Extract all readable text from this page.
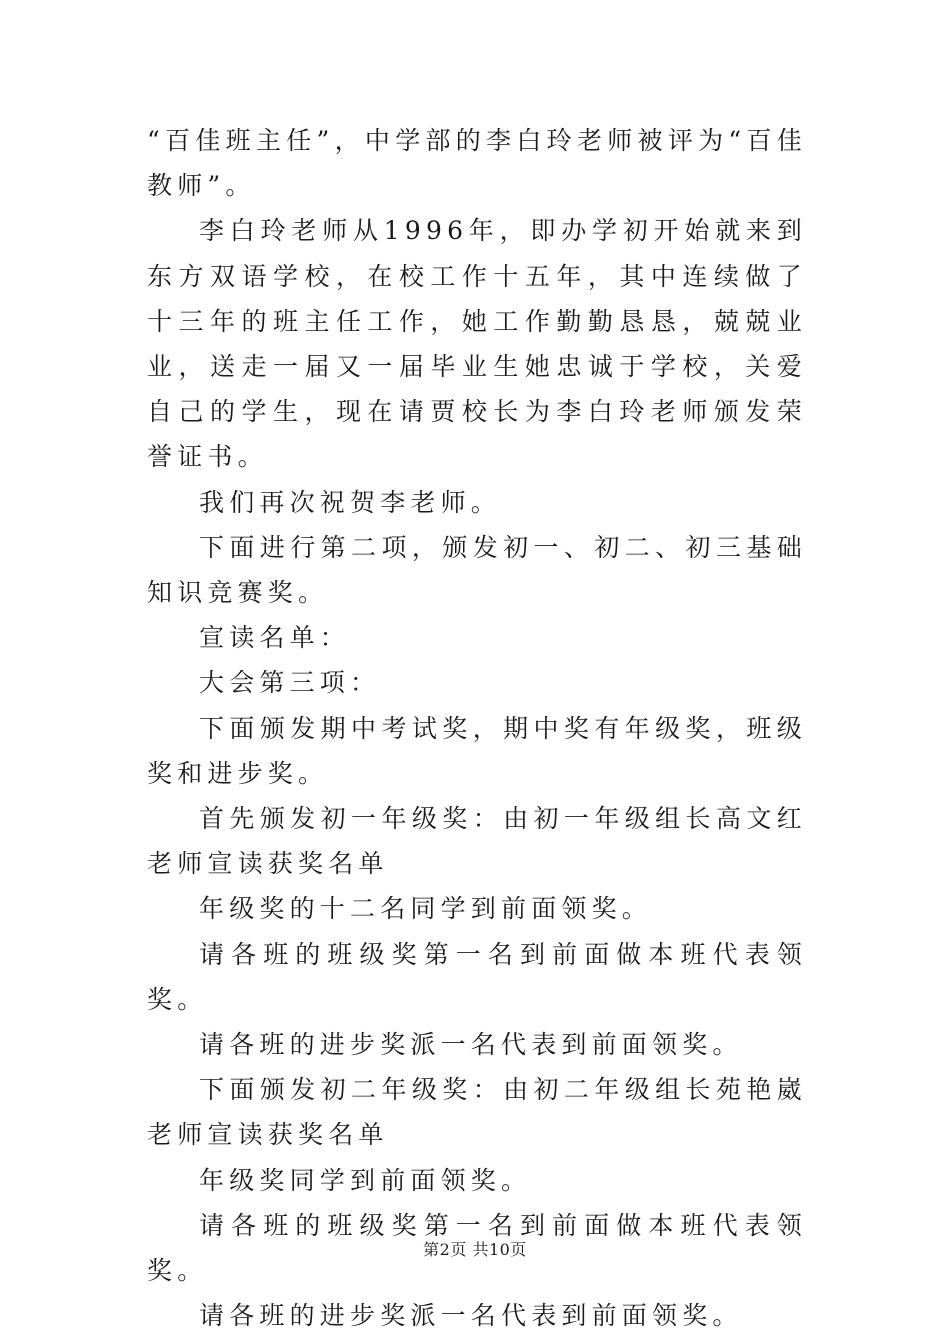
“百佳班主任”，中学部的李白玲老师被评为“百佳教师”。

李白玲老师从1996年，即办学初开始就来到东方双语学校，在校工作十五年，其中连续做了十三年的班主任工作，她工作勤勤恳恳，兢兢业业，送走一届又一届毕业生她忠诚于学校，关爱自己的学生，现在请贾校长为李白玲老师颁发荣誉证书。

我们再次祝贺李老师。

下面进行第二项，颁发初一、初二、初三基础知识竞赛奖。

宣读名单：

大会第三项：

下面颁发期中考试奖，期中奖有年级奖，班级奖和进步奖。

首先颁发初一年级奖：由初一年级组长高文红老师宣读获奖名单

年级奖的十二名同学到前面领奖。

请各班的班级奖第一名到前面做本班代表领奖。

请各班的进步奖派一名代表到前面领奖。

下面颁发初二年级奖：由初二年级组长苑艳崴老师宣读获奖名单

年级奖同学到前面领奖。

请各班的班级奖第一名到前面做本班代表领奖。

请各班的进步奖派一名代表到前面领奖。

第2页 共10页
